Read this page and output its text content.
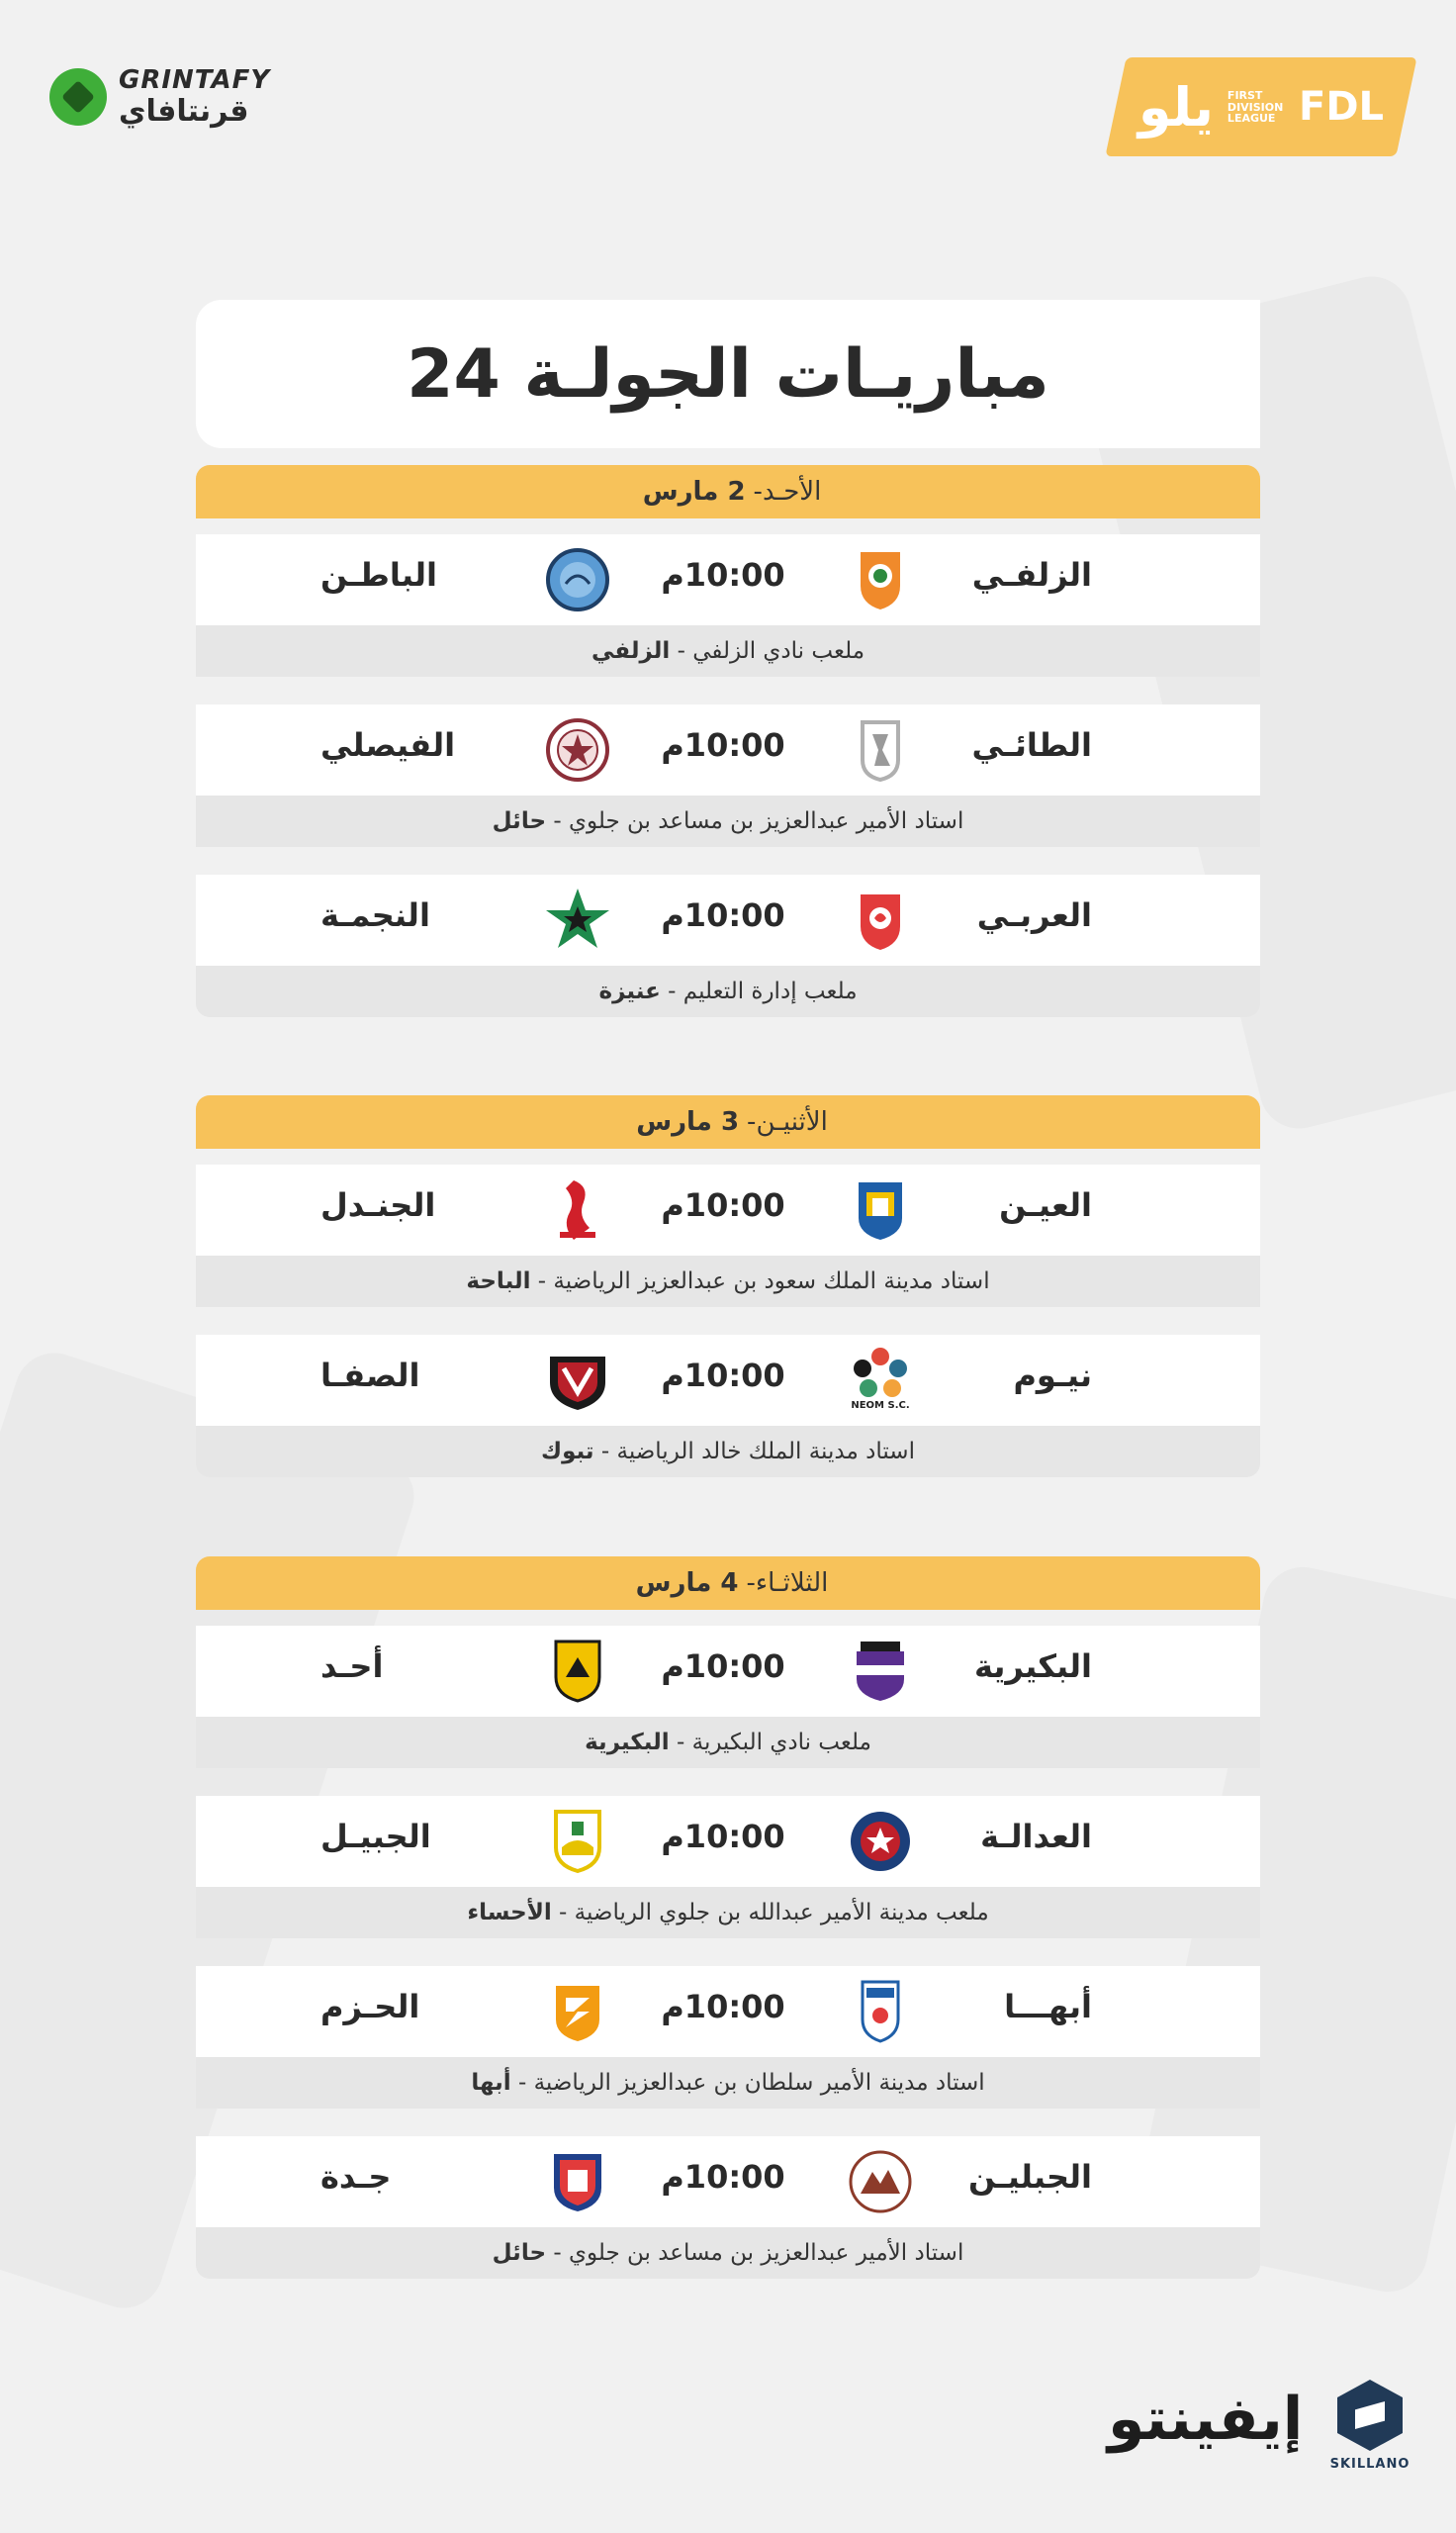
GRINTAFY
قرنتافاي	يلو FIRST DIVISION LEAGUE FDL
مباريـات الجولـة 24
الأحـد
-
2 مارس
الزلفـي
10:00م
الباطـن
ملعب نادي الزلفي
-
الزلفي
الطائـي
10:00م
الفيصلي
استاد الأمير عبدالعزيز بن مساعد بن جلوي
-
حائل
العربـي
10:00م
النجمـة
ملعب إدارة التعليم
-
عنيزة
الأثنيـن
-
3 مارس
العيـن
10:00م
الجنـدل
استاد مدينة الملك سعود بن عبدالعزيز الرياضية
-
الباحة
نيـوم
NEOM S.C.
10:00م
الصفـا
استاد مدينة الملك خالد الرياضية
-
تبوك
الثلاثـاء
-
4 مارس
البكيرية
10:00م
أحـد
ملعب نادي البكيرية
-
البكيرية
العدالـة
10:00م
الجبيـل
ملعب مدينة الأمير عبدالله بن جلوي الرياضية
-
الأحساء
أبهـــا
10:00م
الحـزم
استاد مدينة الأمير سلطان بن عبدالعزيز الرياضية
-
أبها
الجبليـن
10:00م
جـدة
استاد الأمير عبدالعزيز بن مساعد بن جلوي
-
حائل
إيفينتو
SKILLANO
